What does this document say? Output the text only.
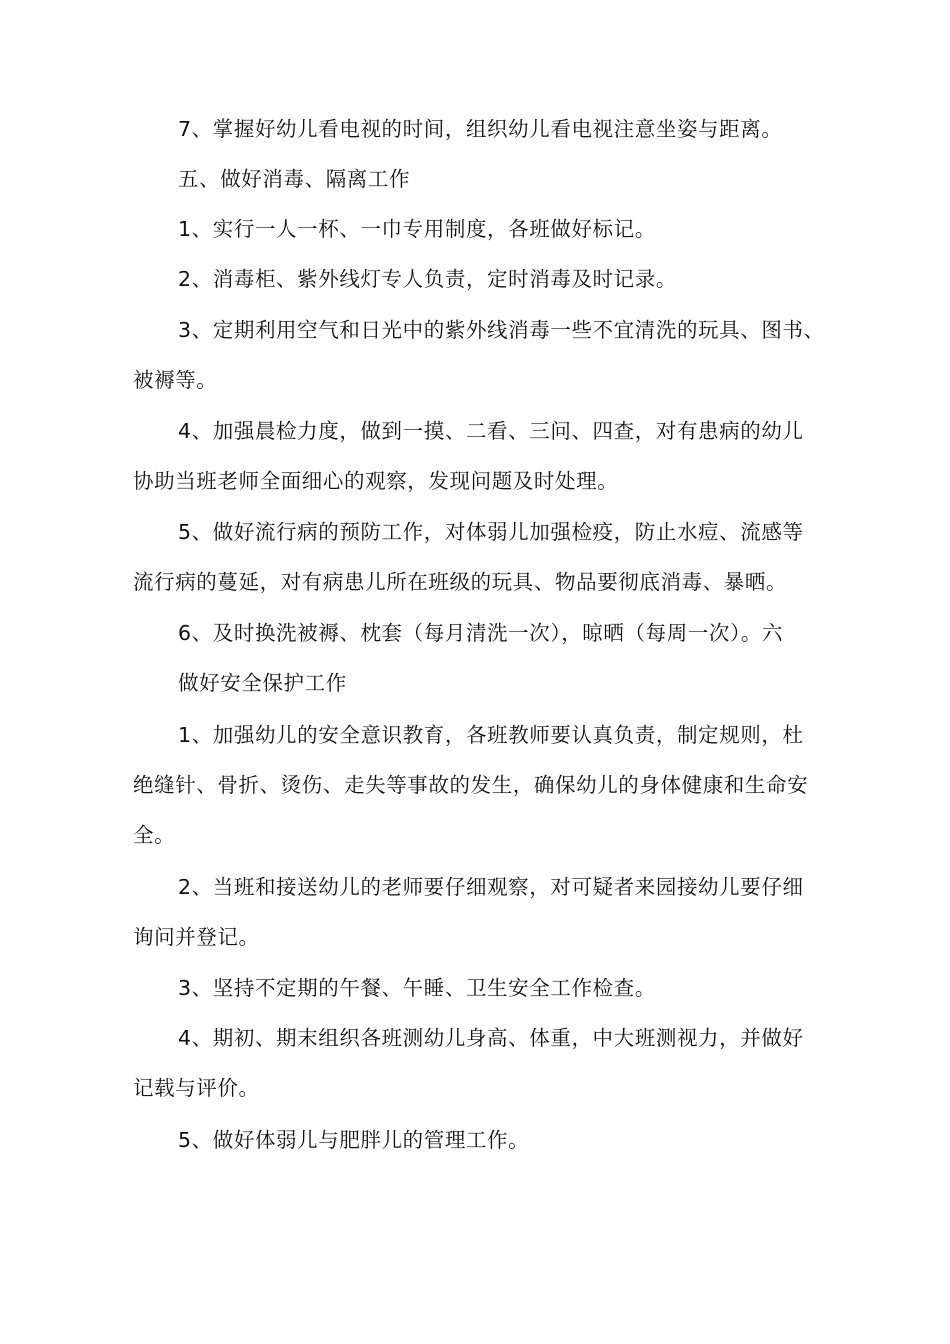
7、掌握好幼儿看电视的时间，组织幼儿看电视注意坐姿与距离。
五、做好消毒、隔离工作
1、实行一人一杯、一巾专用制度，各班做好标记。
2、消毒柜、紫外线灯专人负责，定时消毒及时记录。
3、定期利用空气和日光中的紫外线消毒一些不宜清洗的玩具、图书、
被褥等。
4、加强晨检力度，做到一摸、二看、三问、四查，对有患病的幼儿
协助当班老师全面细心的观察，发现问题及时处理。
5、做好流行病的预防工作，对体弱儿加强检疫，防止水痘、流感等
流行病的蔓延，对有病患儿所在班级的玩具、物品要彻底消毒、暴晒。
6、及时换洗被褥、枕套（每月清洗一次），晾晒（每周一次）。六
做好安全保护工作
1、加强幼儿的安全意识教育，各班教师要认真负责，制定规则，杜
绝缝针、骨折、烫伤、走失等事故的发生，确保幼儿的身体健康和生命安
全。
2、当班和接送幼儿的老师要仔细观察，对可疑者来园接幼儿要仔细
询问并登记。
3、坚持不定期的午餐、午睡、卫生安全工作检查。
4、期初、期末组织各班测幼儿身高、体重，中大班测视力，并做好
记载与评价。
5、做好体弱儿与肥胖儿的管理工作。
